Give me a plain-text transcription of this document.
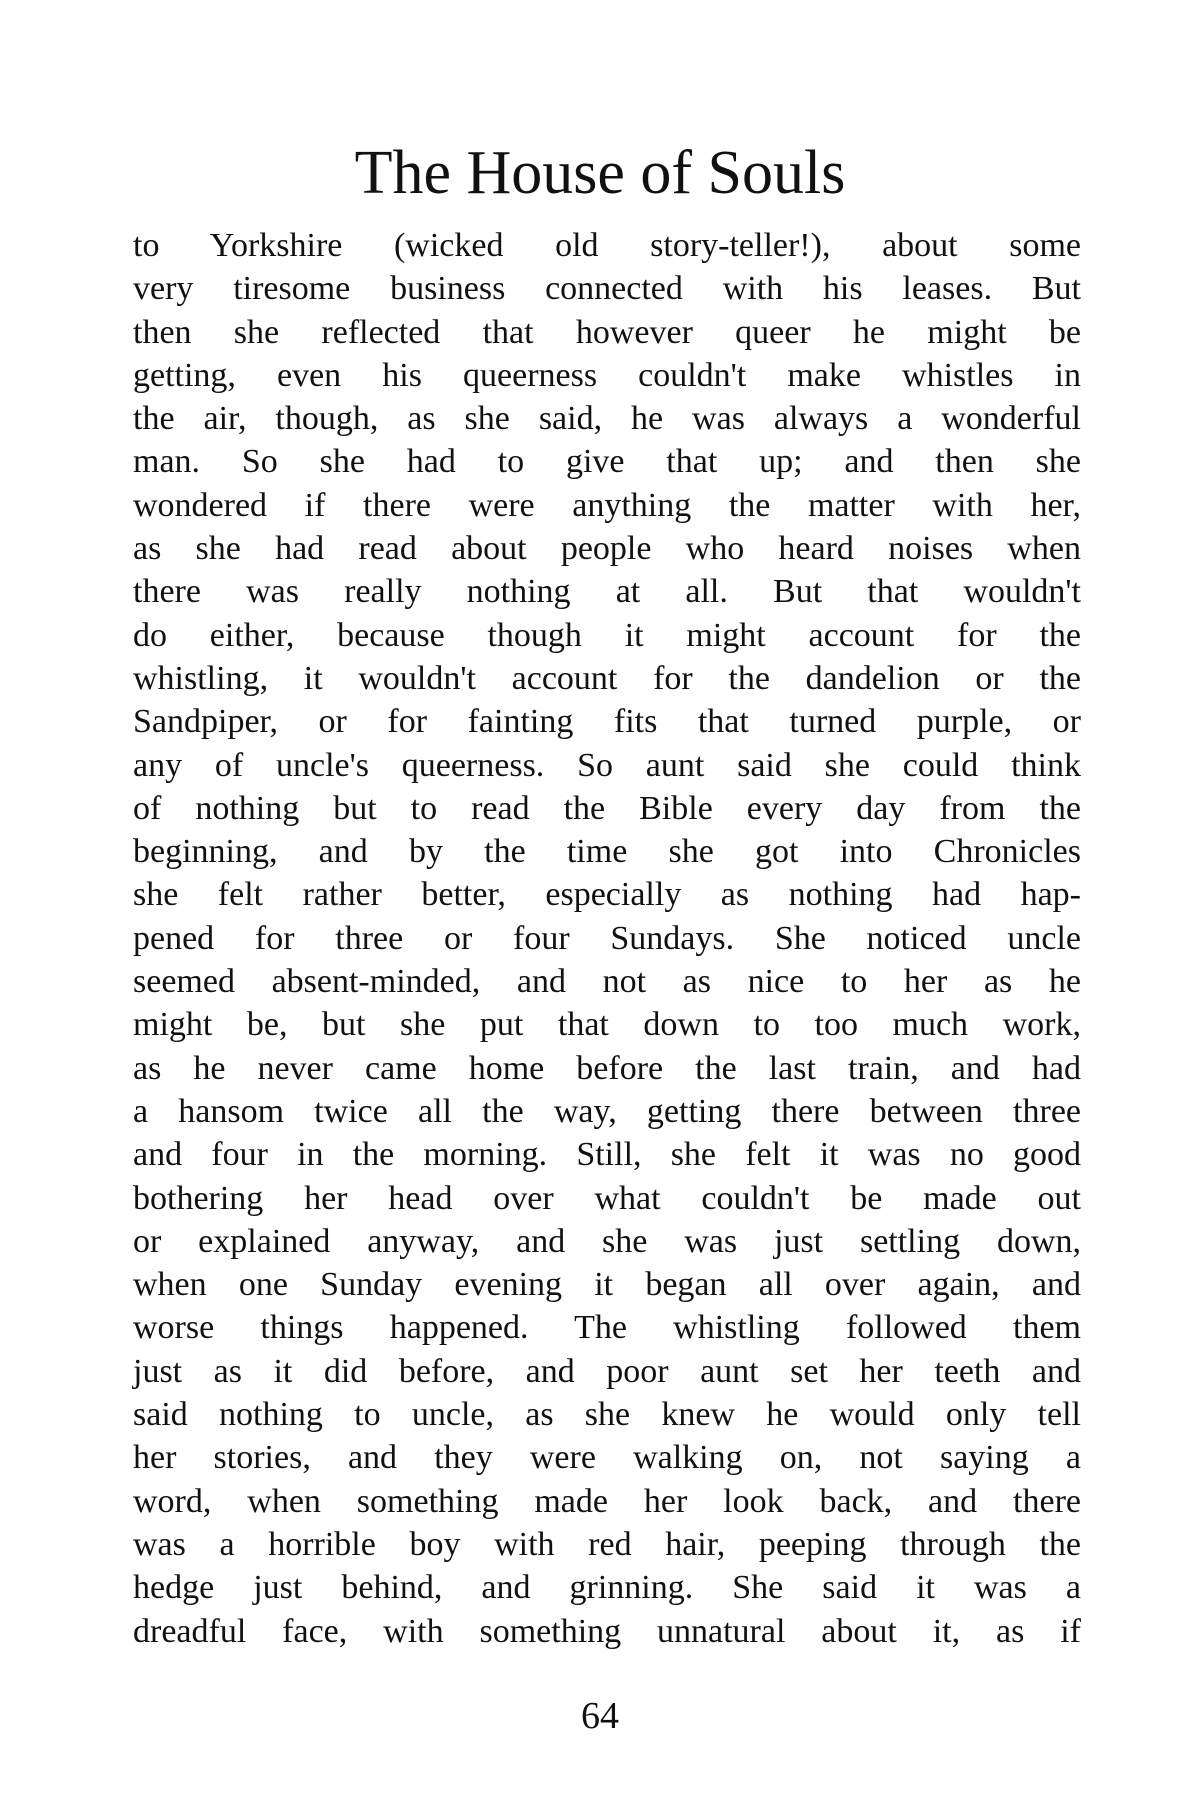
The House of Souls
to Yorkshire (wicked old story-teller!), about some
very tiresome business connected with his leases. But
then she reflected that however queer he might be
getting, even his queerness couldn't make whistles in
the air, though, as she said, he was always a wonderful
man. So she had to give that up; and then she
wondered if there were anything the matter with her,
as she had read about people who heard noises when
there was really nothing at all. But that wouldn't
do either, because though it might account for the
whistling, it wouldn't account for the dandelion or the
Sandpiper, or for fainting fits that turned purple, or
any of uncle's queerness. So aunt said she could think
of nothing but to read the Bible every day from the
beginning, and by the time she got into Chronicles
she felt rather better, especially as nothing had hap-
pened for three or four Sundays. She noticed uncle
seemed absent-minded, and not as nice to her as he
might be, but she put that down to too much work,
as he never came home before the last train, and had
a hansom twice all the way, getting there between three
and four in the morning. Still, she felt it was no good
bothering her head over what couldn't be made out
or explained anyway, and she was just settling down,
when one Sunday evening it began all over again, and
worse things happened. The whistling followed them
just as it did before, and poor aunt set her teeth and
said nothing to uncle, as she knew he would only tell
her stories, and they were walking on, not saying a
word, when something made her look back, and there
was a horrible boy with red hair, peeping through the
hedge just behind, and grinning. She said it was a
dreadful face, with something unnatural about it, as if
64
